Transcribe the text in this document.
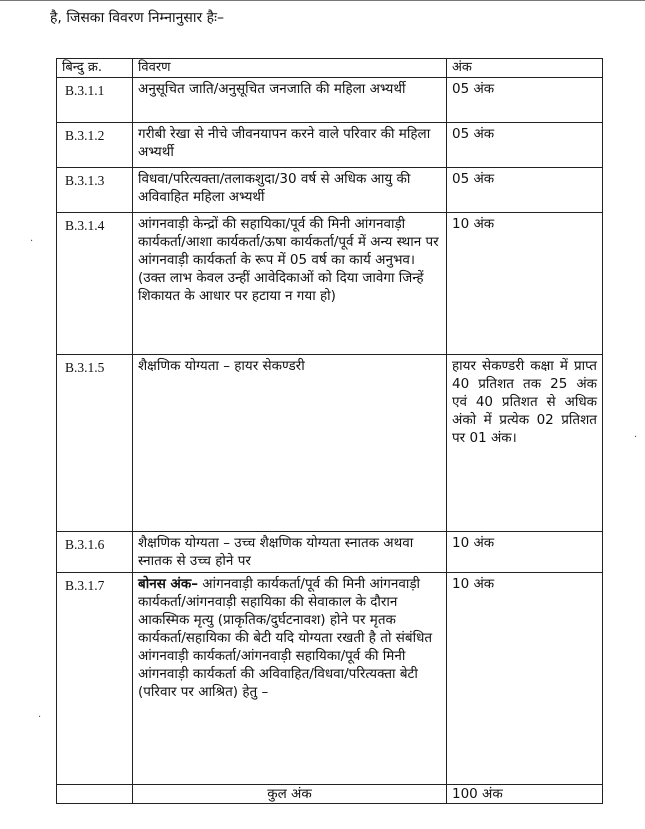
है, जिसका विवरण निम्नानुसार हैः–
·
·
·
बिन्दु क्र.	विवरण	अंक
B.3.1.1	अनुसूचित जाति/अनुसूचित जनजाति की महिला अभ्यर्थी	05 अंक
B.3.1.2	गरीबी रेखा से नीचे जीवनयापन करने वाले परिवार की महिला अभ्यर्थी	05 अंक
B.3.1.3	विधवा/परित्यक्ता/तलाकशुदा/30 वर्ष से अधिक आयु की अविवाहित महिला अभ्यर्थी	05 अंक
B.3.1.4	आंगनवाड़ी केन्द्रों की सहायिका/पूर्व की मिनी आंगनवाड़ी कार्यकर्ता/आशा कार्यकर्ता/ऊषा कार्यकर्ता/पूर्व में अन्य स्थान पर आंगनवाड़ी कार्यकर्ता के रूप में 05 वर्ष का कार्य अनुभव। (उक्त लाभ केवल उन्हीं आवेदिकाओं को दिया जावेगा जिन्हें शिकायत के आधार पर हटाया न गया हो)	10 अंक
B.3.1.5	शैक्षणिक योग्यता – हायर सेकण्डरी	हायर सेकण्डरी कक्षा में प्राप्त 40 प्रतिशत तक 25 अंक एवं 40 प्रतिशत से अधिक अंको में प्रत्येक 02 प्रतिशत पर 01 अंक।
B.3.1.6	शैक्षणिक योग्यता – उच्च शैक्षणिक योग्यता स्नातक अथवा स्नातक से उच्च होने पर	10 अंक
B.3.1.7	बोनस अंक– आंगनवाड़ी कार्यकर्ता/पूर्व की मिनी आंगनवाड़ी कार्यकर्ता/आंगनवाड़ी सहायिका की सेवाकाल के दौरान आकस्मिक मृत्यु (प्राकृतिक/दुर्घटनावश) होने पर मृतक कार्यकर्ता/सहायिका की बेटी यदि योग्यता रखती है तो संबंधित आंगनवाड़ी कार्यकर्ता/आंगनवाड़ी सहायिका/पूर्व की मिनी आंगनवाड़ी कार्यकर्ता की अविवाहित/विधवा/परित्यक्ता बेटी (परिवार पर आश्रित) हेतु –	10 अंक
	कुल अंक	100 अंक
